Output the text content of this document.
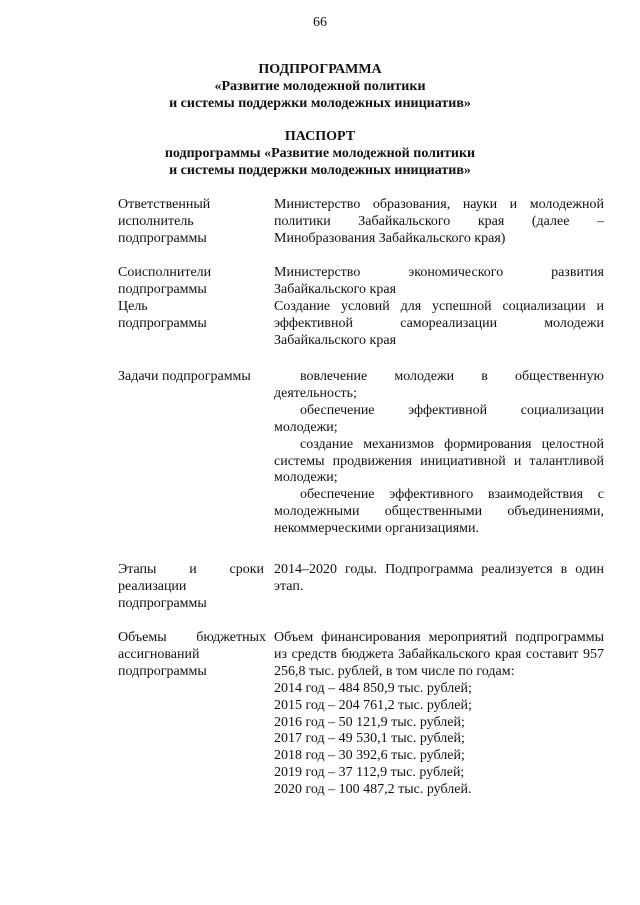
66
ПОДПРОГРАММА
«Развитие молодежной политики
и системы поддержки молодежных инициатив»
ПАСПОРТ
подпрограммы «Развитие молодежной политики
и системы поддержки молодежных инициатив»
Ответственный исполнитель подпрограммы
Министерство образования, науки и молодежной политики Забайкальского края (далее – Минобразования Забайкальского края)
Соисполнители подпрограммы
Министерство экономического развития Забайкальского края
Цель подпрограммы
Создание условий для успешной социализации и эффективной самореализации молодежи Забайкальского края
Задачи подпрограммы	вовлечение молодежи в общественную деятельность;
обеспечение эффективной социализации молодежи;
создание механизмов формирования целостной системы продвижения инициативной и талантливой молодежи;
обеспечение эффективного взаимодействия с молодежными общественными объединениями, некоммерческими организациями.
Этапы и сроки реализации подпрограммы
2014–2020 годы. Подпрограмма реализуется в один этап.
Объемы бюджетных ассигнований подпрограммы
Объем финансирования мероприятий подпрограммы из средств бюджета Забайкальского края составит 957 256,8 тыс. рублей, в том числе по годам:
2014 год – 484 850,9 тыс. рублей;
2015 год – 204 761,2 тыс. рублей;
2016 год – 50 121,9 тыс. рублей;
2017 год – 49 530,1 тыс. рублей;
2018 год – 30 392,6 тыс. рублей;
2019 год – 37 112,9 тыс. рублей;
2020 год – 100 487,2 тыс. рублей.
